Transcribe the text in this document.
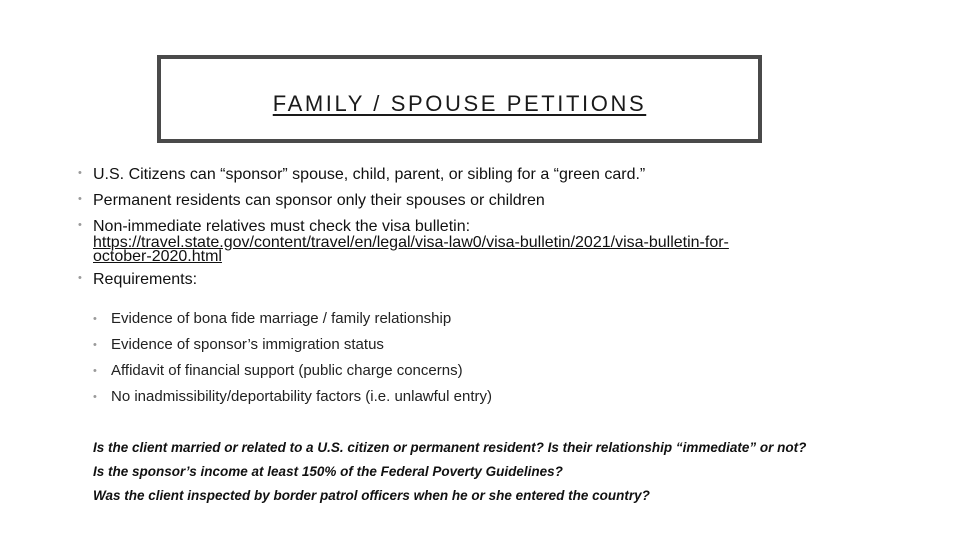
FAMILY / SPOUSE PETITIONS
• U.S. Citizens can “sponsor” spouse, child, parent, or sibling for a “green card.”
• Permanent residents can sponsor only their spouses or children
• Non-immediate relatives must check the visa bulletin:
https://travel.state.gov/content/travel/en/legal/visa-law0/visa-bulletin/2021/visa-bulletin-for-
october-2020.html
• Requirements:
• Evidence of bona fide marriage / family relationship
• Evidence of sponsor’s immigration status
• Affidavit of financial support (public charge concerns)
• No inadmissibility/deportability factors (i.e. unlawful entry)
Is the client married or related to a U.S. citizen or permanent resident? Is their relationship “immediate” or not?
Is the sponsor’s income at least 150% of the Federal Poverty Guidelines?
Was the client inspected by border patrol officers when he or she entered the country?
